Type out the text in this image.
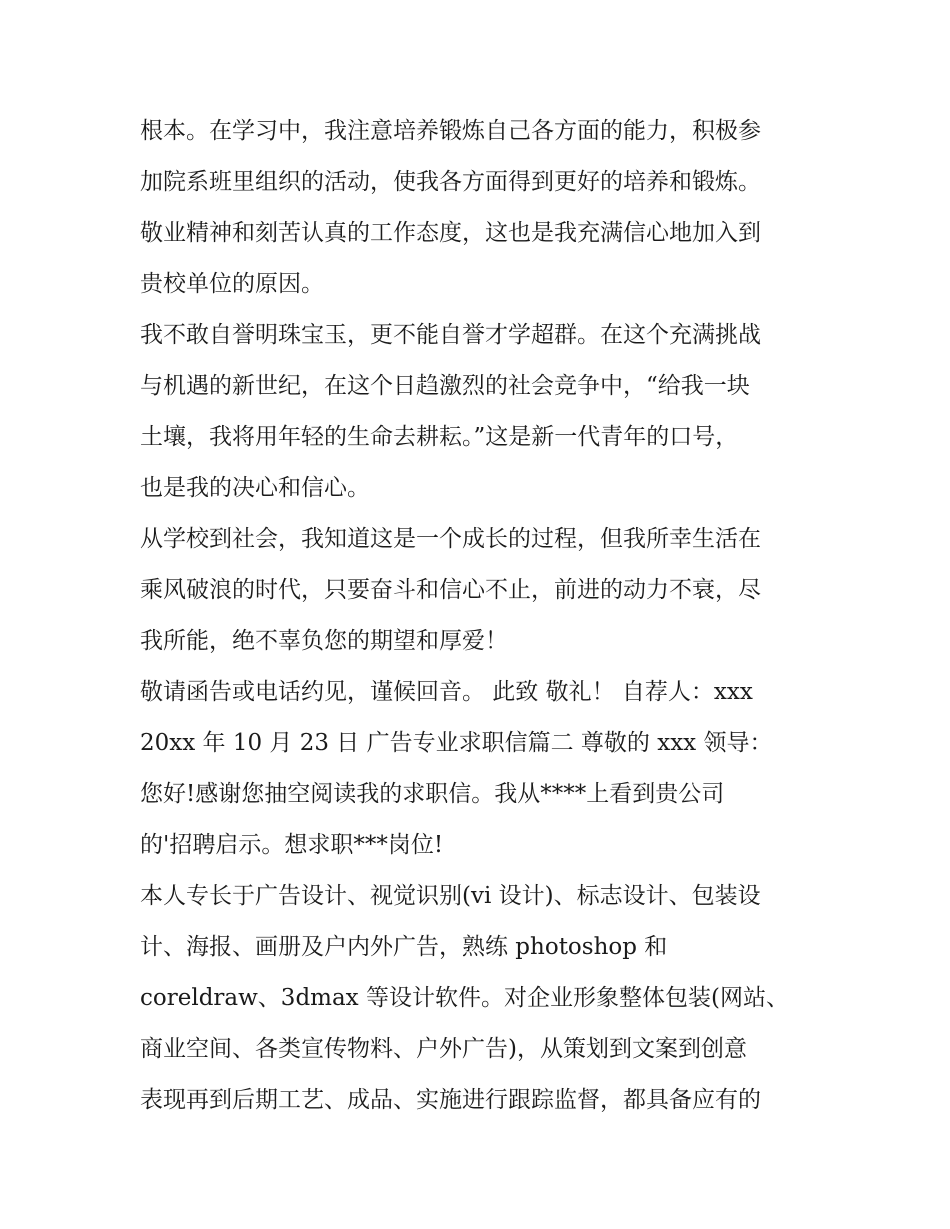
根本。在学习中，我注意培养锻炼自己各方面的能力，积极参
加院系班里组织的活动，使我各方面得到更好的培养和锻炼。
敬业精神和刻苦认真的工作态度，这也是我充满信心地加入到
贵校单位的原因。
我不敢自誉明珠宝玉，更不能自誉才学超群。在这个充满挑战
与机遇的新世纪，在这个日趋激烈的社会竞争中，“给我一块
土壤，我将用年轻的生命去耕耘。”这是新一代青年的口号，
也是我的决心和信心。
从学校到社会，我知道这是一个成长的过程，但我所幸生活在
乘风破浪的时代，只要奋斗和信心不止，前进的动力不衰，尽
我所能，绝不辜负您的期望和厚爱！
敬请函告或电话约见，谨候回音。 此致 敬礼！ 自荐人：xxx
20xx 年 10 月 23 日 广告专业求职信篇二 尊敬的 xxx 领导：
您好!感谢您抽空阅读我的求职信。我从****上看到贵公司
的'招聘启示。想求职***岗位!
本人专长于广告设计、视觉识别(vi 设计)、标志设计、包装设
计、海报、画册及户内外广告，熟练 photoshop 和
coreldraw、3dmax 等设计软件。对企业形象整体包装(网站、
商业空间、各类宣传物料、户外广告)，从策划到文案到创意
表现再到后期工艺、成品、实施进行跟踪监督，都具备应有的
